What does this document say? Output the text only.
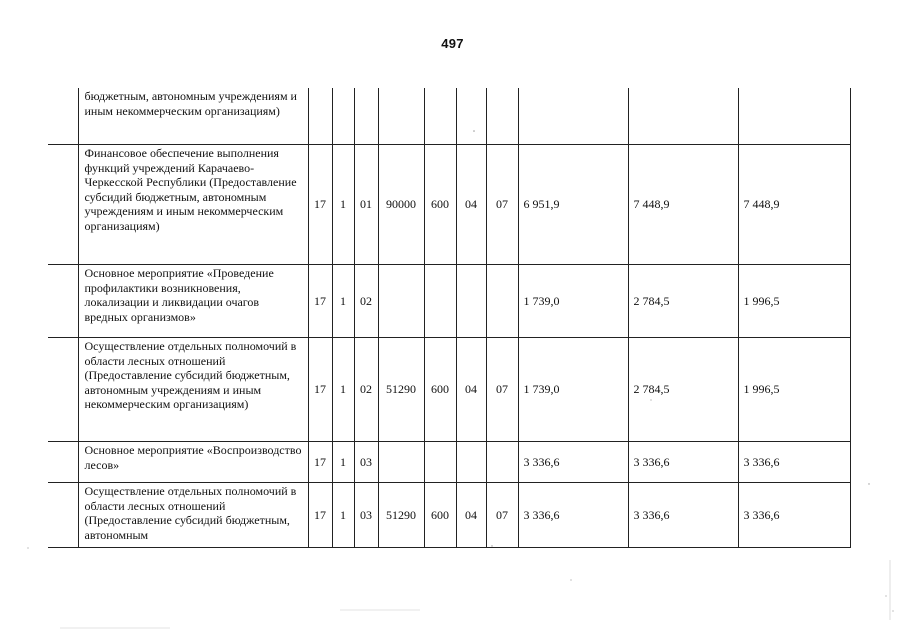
497
	бюджетным, автономным учреждениям и иным некоммерческим организациям)										
	Финансовое обеспечение выполнения функций учреждений Карачаево-Черкесской Республики (Предоставление субсидий бюджетным, автономным учреждениям и иным некоммерческим организациям)	17	1	01	90000	600	04	07	6 951,9	7 448,9	7 448,9
	Основное мероприятие «Проведение профилактики возникновения, локализации и ликвидации очагов вредных организмов»	17	1	02					1 739,0	2 784,5	1 996,5
	Осуществление отдельных полномочий в области лесных отношений (Предоставление субсидий бюджетным, автономным учреждениям и иным некоммерческим организациям)	17	1	02	51290	600	04	07	1 739,0	2 784,5	1 996,5
	Основное мероприятие «Воспроизводство лесов»	17	1	03					3 336,6	3 336,6	3 336,6
	Осуществление отдельных полномочий в области лесных отношений (Предоставление субсидий бюджетным, автономным	17	1	03	51290	600	04	07	3 336,6	3 336,6	3 336,6
